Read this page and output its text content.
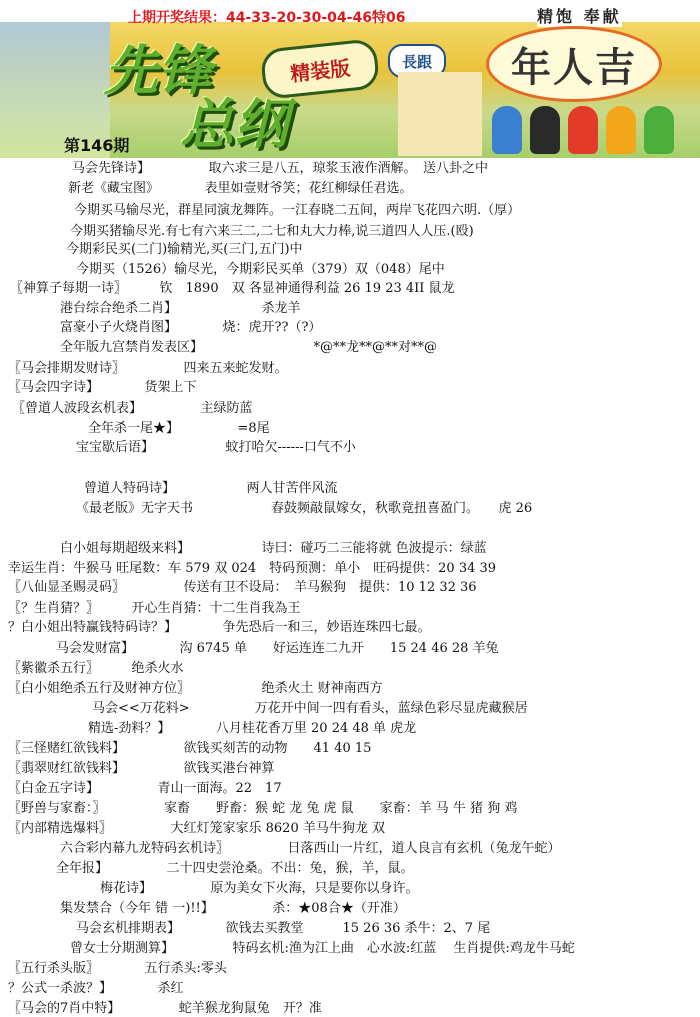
上期开奖结果：44-33-20-30-04-46特06	精饱 奉献
先锋
总纲
精装版	長跟	年人吉
第146期
马会先锋诗】　　　　　取六求三是八五，琼浆玉液作酒解。　送八卦之中
新老《藏宝图》　　　　表里如壹财爷笑；花红柳绿任君选。
今期买马输尽光，群星同演龙舞阵。一江春晓二五间，两岸飞花四六明.（厚）
今期买猪输尽光.有七有六来三二,二七和丸大力棒,说三道四人人压.(殴)
今期彩民买(二门)输精光,买(三门,五门)中
今期买（1526）输尽光，今期彩民买单（379）双（048）尾中
〖神算子每期一诗〗　　　钦　1890　双 各显神通得利益 26 19 23 4II 鼠龙
港台综合绝杀二肖】　　　　　　　杀龙羊
富豪小子火烧肖图】　　　　烧：虎开??（?）
全年版九宫禁肖发表区】　　　　　　　　　*@**龙**@**对**@
〖马会排期发财诗〗　　　　　四来五来蛇发财。
〖马会四字诗】　　　　货架上下
〖曾道人波段玄机表】　　　　　主绿防蓝
全年杀一尾★】　　　　　=8尾
宝宝歇后语】　　　　　　蚊打哈欠------口气不小
曾道人特码诗】　　　　　　两人甘苦伴风流
《最老版》无字天书　　　　　　春鼓频敲鼠嫁女，秋歌竟扭喜盈门。　　虎 26
白小姐每期超级来料】　　　　　　诗曰：碰巧二三能将就 色波提示：绿蓝
幸运生肖：牛猴马 旺尾数：车 579 双 024　特码预测：单小　旺码提供：20 34 39
〖八仙显圣赐灵码〗　　　　　传送有卫不设局：　羊马猴狗　提供：10 12 32 36
〖？生肖猜？〗　　　开心生肖猜：十二生肖我為王
？白小姐出特赢钱特码诗？】　　　　争先恐后一和三，妙语连珠四七最。
马会发财富】　　　　沟 6745 单　　好运连连二九开　　15 24 46 28 羊兔
〖紫徽杀五行〗　　　绝杀火水
〖白小姐绝杀五行及财神方位〗　　　　　　绝杀火土 财神南西方
马会<<万花料>　　　　　万花开中间一四有看头，蓝绿色彩尽显虎藏猴居
精选-劲料？】　　　　八月桂花香万里 20 24 48 单 虎龙
〖三怪赌红欲钱料】　　　　　欲钱买刻苦的动物　　41 40 15
〖翡翠财红欲钱料】　　　　　欲钱买港台神算
〖白金五字诗】　　　　　青山一面海。22　17
〖野兽与家畜：〗　　　　　家畜　　野畜：猴 蛇 龙 兔 虎 鼠　　家畜：羊 马 牛 猪 狗 鸡
〖内部精选爆料〗　　　　　大红灯笼家家乐 8620 羊马牛狗龙 双
六合彩内幕九龙特码玄机诗〗　　　　　日落西山一片红，道人良言有玄机（兔龙午蛇）
全年报】　　　　　二十四史尝沧桑。不出：兔，猴，羊，鼠。
梅花诗】　　　　　原为美女下火海，只是要你以身许。
集发禁合（今年 错 一)!!】　　　　　杀：★08合★（开准）
马会玄机排期表】　　　　欲钱去买教堂　　　15 26 36 杀牛：2、7 尾
曾女士分期测算】　　　　　特码玄机:渔为江上曲　心水波:红蓝　 生肖提供:鸡龙牛马蛇
〖五行杀头版〗　　　　五行杀头:零头
？公式一杀波？】　　　　杀红
〖马会的7肖中特】　　　　　蛇羊猴龙狗鼠兔　开？准
